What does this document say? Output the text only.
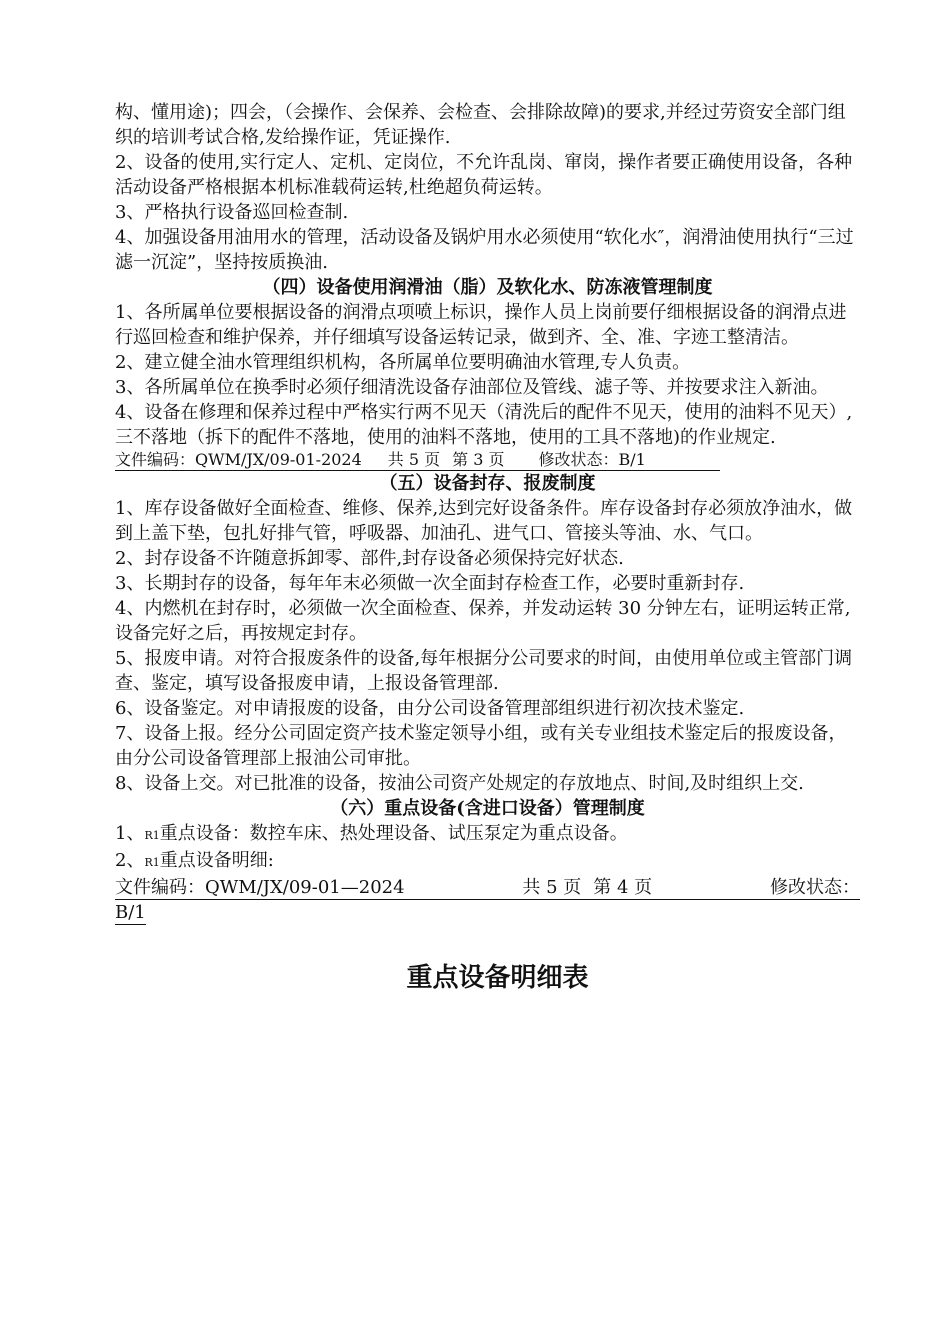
构、懂用途)；四会，（会操作、会保养、会检查、会排除故障)的要求,并经过劳资安全部门组织的培训考试合格,发给操作证，凭证操作.

2、设备的使用,实行定人、定机、定岗位，不允许乱岗、窜岗，操作者要正确使用设备，各种活动设备严格根据本机标准载荷运转,杜绝超负荷运转。

3、严格执行设备巡回检查制.

4、加强设备用油用水的管理，活动设备及锅炉用水必须使用“软化水″，润滑油使用执行“三过滤一沉淀”，坚持按质换油.

（四）设备使用润滑油（脂）及软化水、防冻液管理制度

1、各所属单位要根据设备的润滑点项喷上标识，操作人员上岗前要仔细根据设备的润滑点进行巡回检查和维护保养，并仔细填写设备运转记录，做到齐、全、准、字迹工整清洁。

2、建立健全油水管理组织机构，各所属单位要明确油水管理,专人负责。

3、各所属单位在换季时必须仔细清洗设备存油部位及管线、滤子等、并按要求注入新油。

4、设备在修理和保养过程中严格实行两不见天（清洗后的配件不见天，使用的油料不见天）,三不落地（拆下的配件不落地，使用的油料不落地，使用的工具不落地)的作业规定.

文件编码：QWM/JX/09-01-2024 共 5 页 第 3 页 修改状态：B/1

（五）设备封存、报废制度

1、库存设备做好全面检查、维修、保养,达到完好设备条件。库存设备封存必须放净油水，做到上盖下垫，包扎好排气管，呼吸器、加油孔、进气口、管接头等油、水、气口。

2、封存设备不许随意拆卸零、部件,封存设备必须保持完好状态.

3、长期封存的设备，每年年末必须做一次全面封存检查工作，必要时重新封存.

4、内燃机在封存时，必须做一次全面检查、保养，并发动运转 30 分钟左右，证明运转正常,设备完好之后，再按规定封存。

5、报废申请。对符合报废条件的设备,每年根据分公司要求的时间，由使用单位或主管部门调查、鉴定，填写设备报废申请，上报设备管理部.

6、设备鉴定。对申请报废的设备，由分公司设备管理部组织进行初次技术鉴定.

7、设备上报。经分公司固定资产技术鉴定领导小组，或有关专业组技术鉴定后的报废设备，由分公司设备管理部上报油公司审批。

8、设备上交。对已批准的设备，按油公司资产处规定的存放地点、时间,及时组织上交.

（六）重点设备(含进口设备）管理制度

1、R1重点设备：数控车床、热处理设备、试压泵定为重点设备。

2、R1重点设备明细:

文件编码：QWM/JX/09-01—2024	共 5 页 第 4 页	修改状态：
B/1

重点设备明细表
